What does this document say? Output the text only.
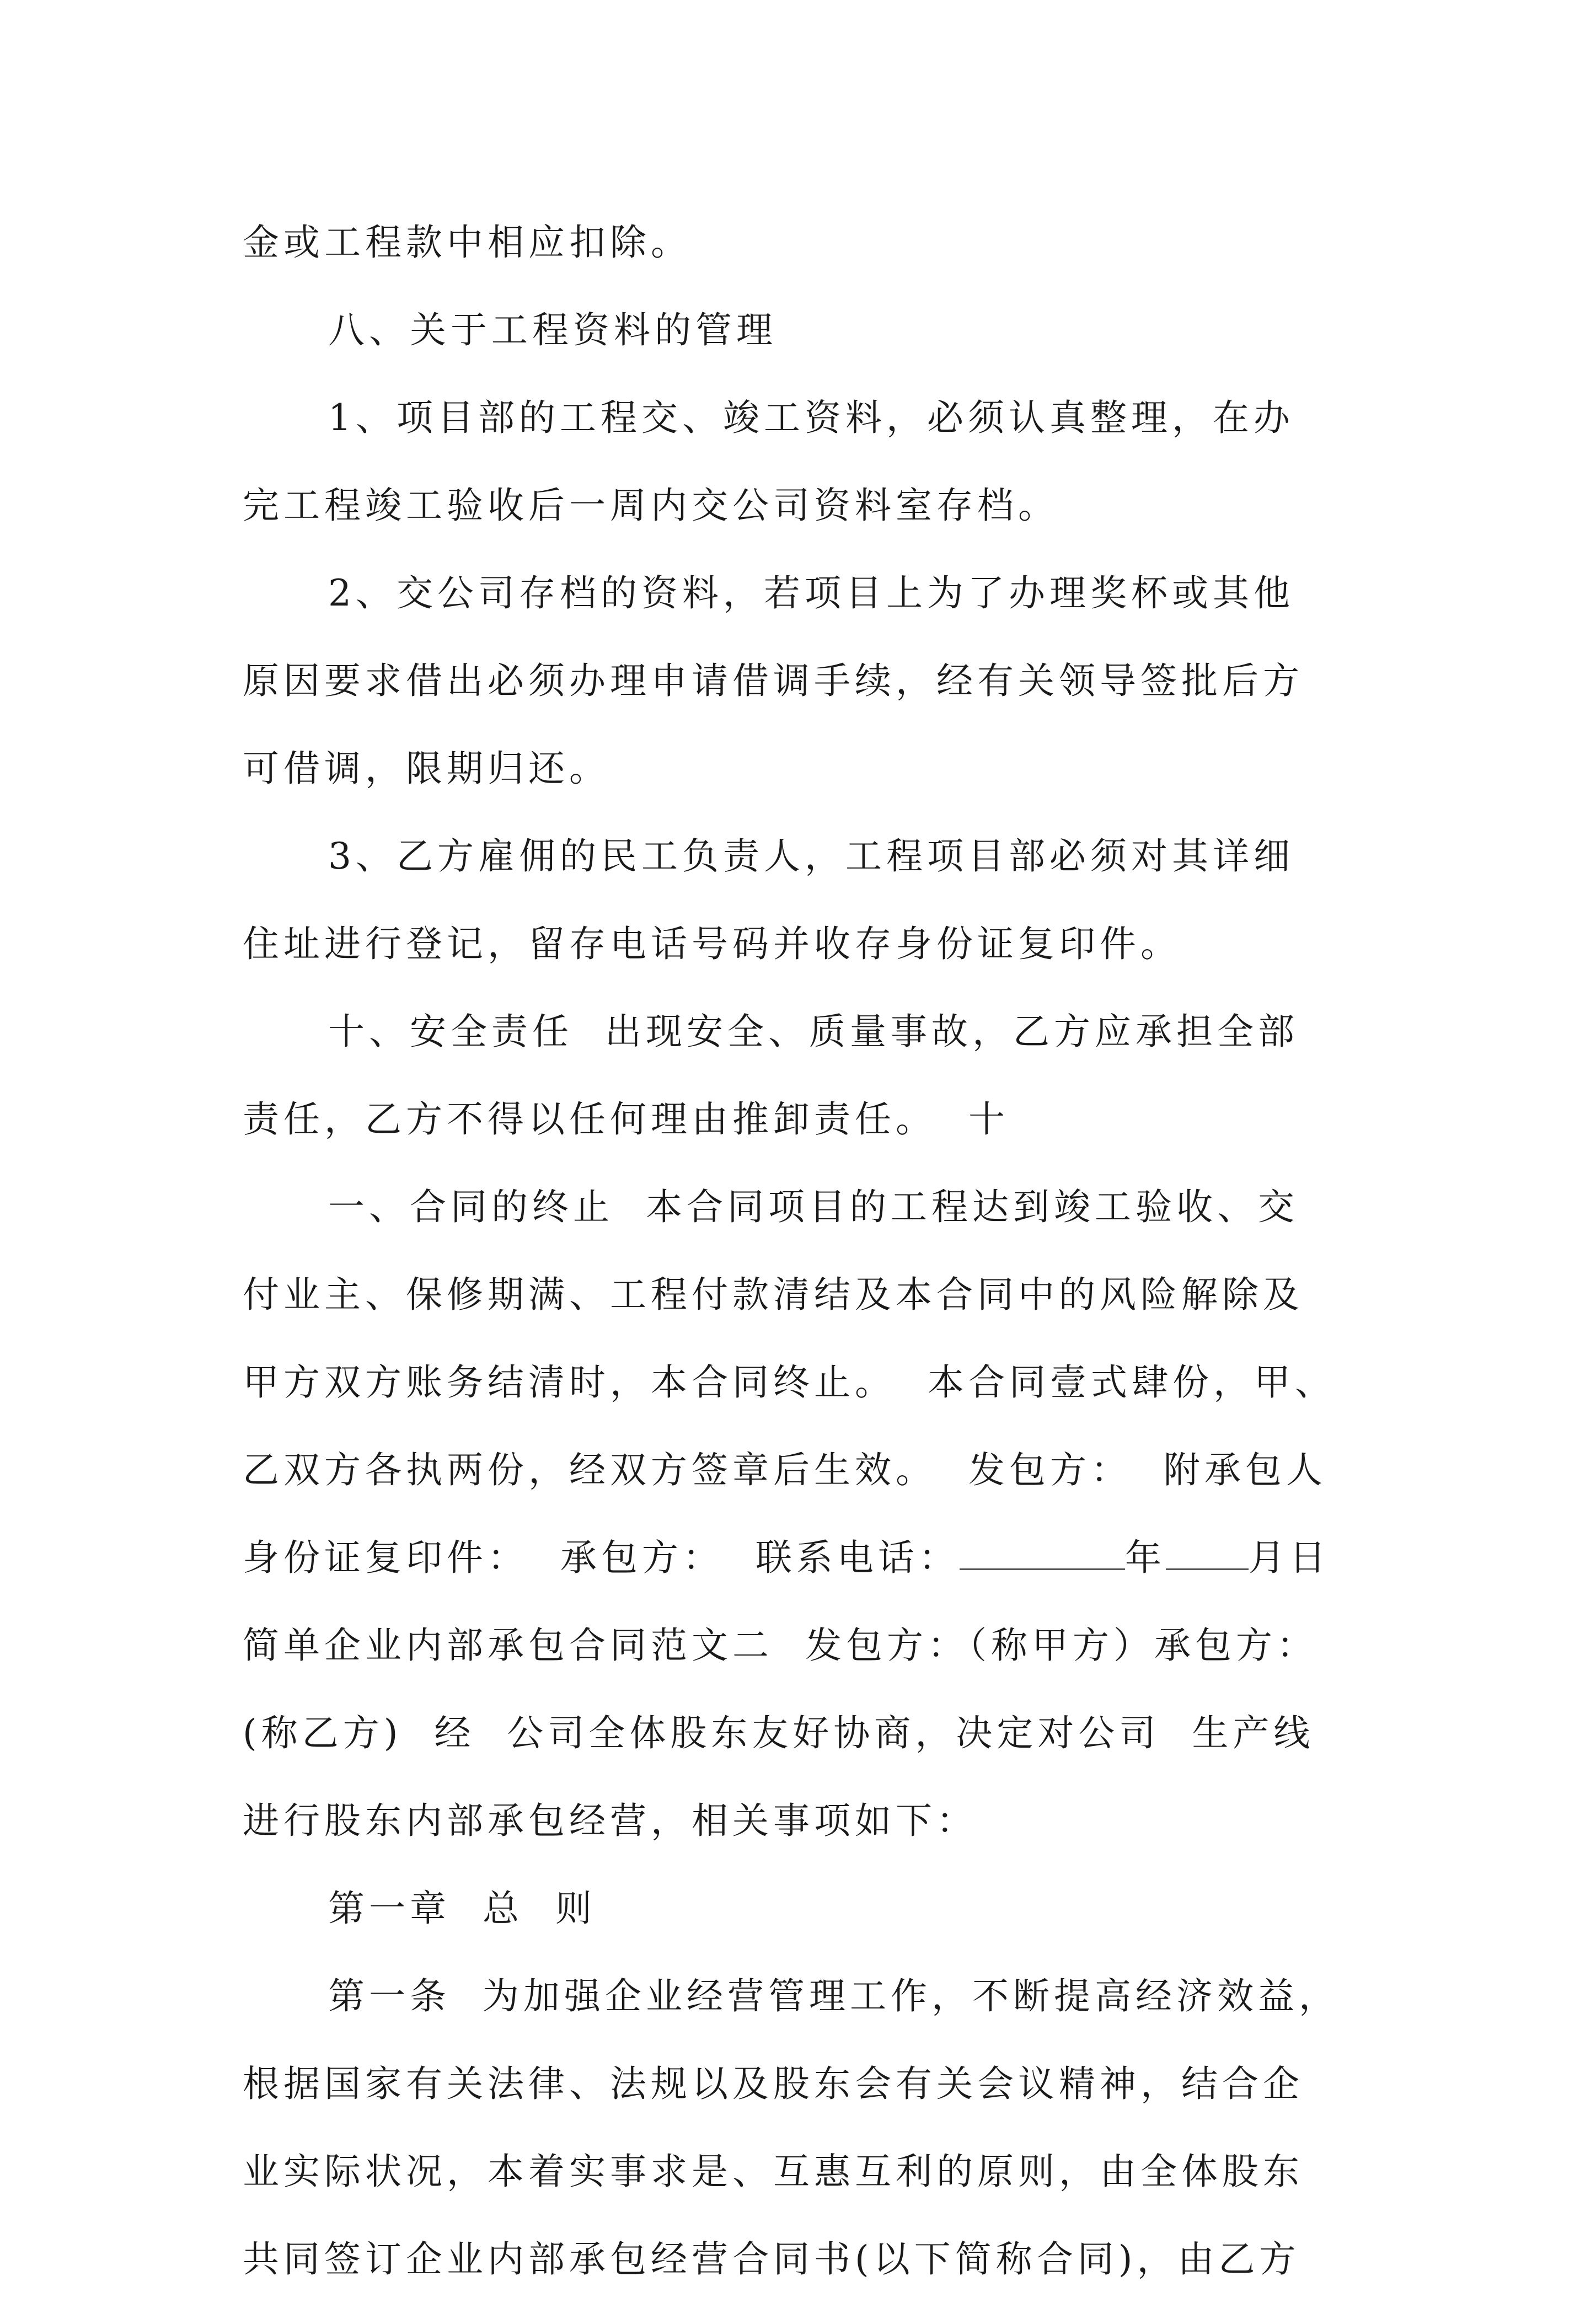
金或工程款中相应扣除。
八、关于工程资料的管理
1、项目部的工程交、竣工资料，必须认真整理，在办
完工程竣工验收后一周内交公司资料室存档。
2、交公司存档的资料，若项目上为了办理奖杯或其他
原因要求借出必须办理申请借调手续，经有关领导签批后方
可借调，限期归还。
3、乙方雇佣的民工负责人，工程项目部必须对其详细
住址进行登记，留存电话号码并收存身份证复印件。
十、安全责任  出现安全、质量事故，乙方应承担全部
责任，乙方不得以任何理由推卸责任。  十
一、合同的终止  本合同项目的工程达到竣工验收、交
付业主、保修期满、工程付款清结及本合同中的风险解除及
甲方双方账务结清时，本合同终止。  本合同壹式肆份，甲、
乙双方各执两份，经双方签章后生效。  发包方：  附承包人
身份证复印件：  承包方：  联系电话：	年 月日
简单企业内部承包合同范文二  发包方：（称甲方）承包方：
(称乙方)  经  公司全体股东友好协商，决定对公司  生产线
进行股东内部承包经营，相关事项如下：
第一章  总  则
第一条  为加强企业经营管理工作，不断提高经济效益，
根据国家有关法律、法规以及股东会有关会议精神，结合企
业实际状况，本着实事求是、互惠互利的原则，由全体股东
共同签订企业内部承包经营合同书(以下简称合同)，由乙方
